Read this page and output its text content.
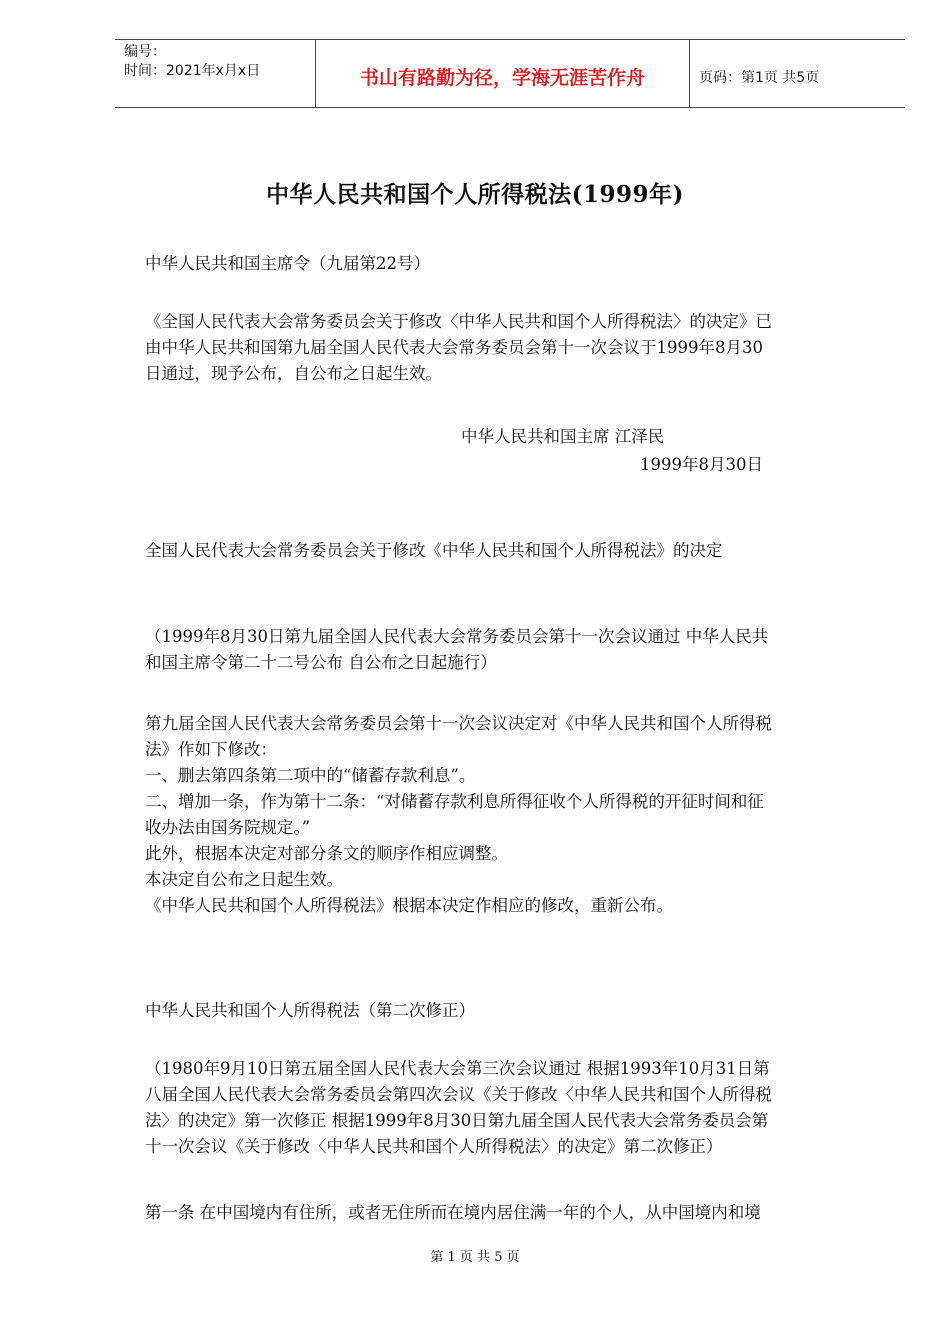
编号：
时间：2021年x月x日	书山有路勤为径，学海无涯苦作舟	页码：第1页 共5页
中华人民共和国个人所得税法(1999年)

中华人民共和国主席令（九届第22号）

《全国人民代表大会常务委员会关于修改〈中华人民共和国个人所得税法〉的决定》已
由中华人民共和国第九届全国人民代表大会常务委员会第十一次会议于1999年8月30
日通过，现予公布，自公布之日起生效。

中华人民共和国主席 江泽民

1999年8月30日

全国人民代表大会常务委员会关于修改《中华人民共和国个人所得税法》的决定

（1999年8月30日第九届全国人民代表大会常务委员会第十一次会议通过 中华人民共
和国主席令第二十二号公布 自公布之日起施行）
第九届全国人民代表大会常务委员会第十一次会议决定对《中华人民共和国个人所得税
法》作如下修改：
一、删去第四条第二项中的“储蓄存款利息”。
二、增加一条，作为第十二条：“对储蓄存款利息所得征收个人所得税的开征时间和征
收办法由国务院规定。”
此外，根据本决定对部分条文的顺序作相应调整。
本决定自公布之日起生效。
《中华人民共和国个人所得税法》根据本决定作相应的修改，重新公布。

中华人民共和国个人所得税法（第二次修正）

（1980年9月10日第五届全国人民代表大会第三次会议通过 根据1993年10月31日第
八届全国人民代表大会常务委员会第四次会议《关于修改〈中华人民共和国个人所得税
法〉的决定》第一次修正 根据1999年8月30日第九届全国人民代表大会常务委员会第
十一次会议《关于修改〈中华人民共和国个人所得税法〉的决定》第二次修正）

第一条 在中国境内有住所，或者无住所而在境内居住满一年的个人，从中国境内和境

第 1 页 共 5 页
